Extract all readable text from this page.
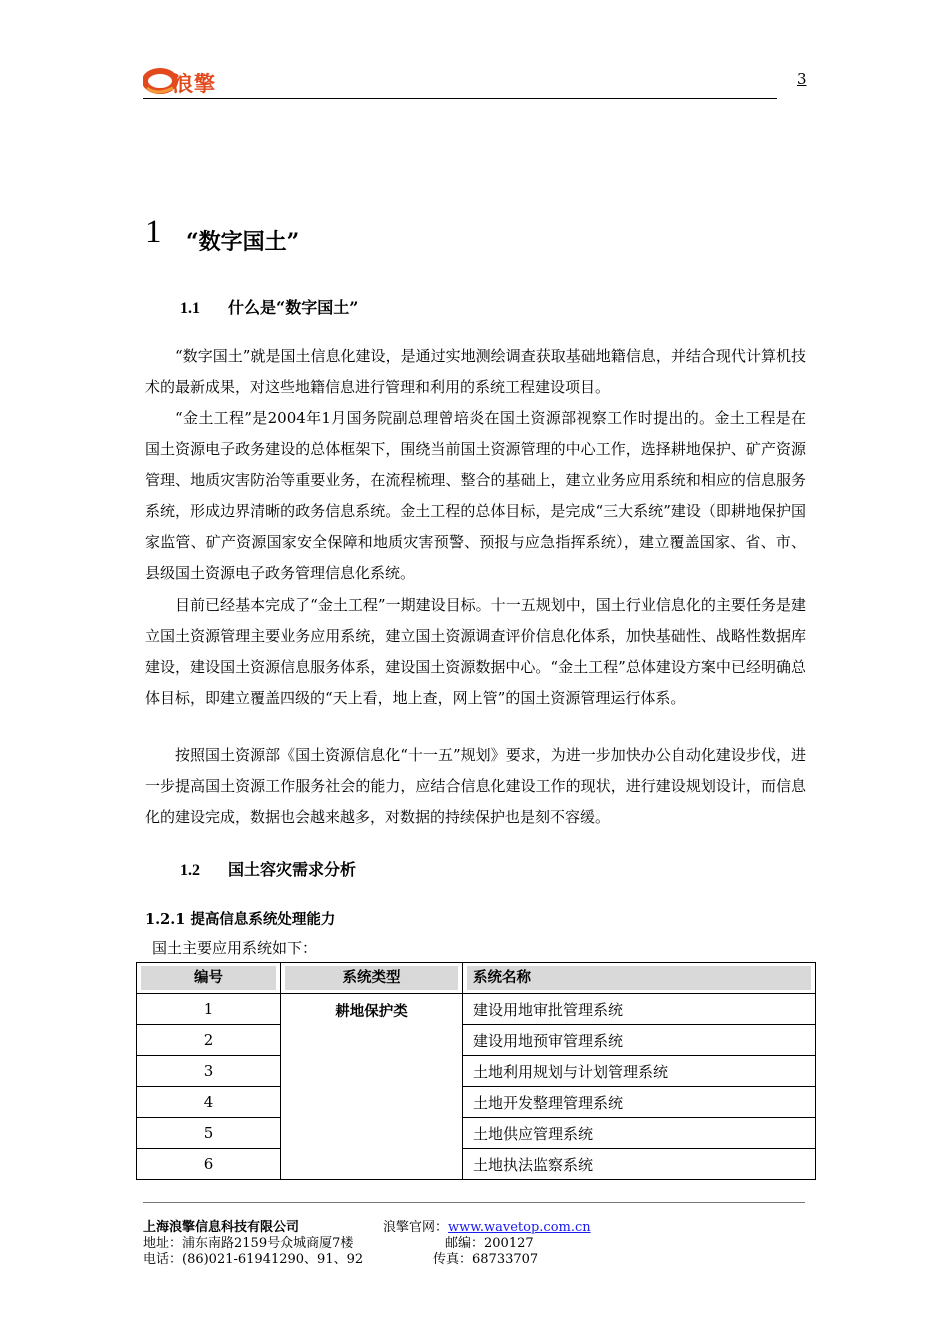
浪擎	3
1 “数字国土”
1.1 什么是“数字国土”

“数字国土”就是国土信息化建设，是通过实地测绘调查获取基础地籍信息，并结合现代计算机技术的最新成果，对这些地籍信息进行管理和利用的系统工程建设项目。

“金土工程”是2004年1月国务院副总理曾培炎在国土资源部视察工作时提出的。金土工程是在国土资源电子政务建设的总体框架下，围绕当前国土资源管理的中心工作，选择耕地保护、矿产资源管理、地质灾害防治等重要业务，在流程梳理、整合的基础上，建立业务应用系统和相应的信息服务系统，形成边界清晰的政务信息系统。金土工程的总体目标，是完成“三大系统”建设（即耕地保护国家监管、矿产资源国家安全保障和地质灾害预警、预报与应急指挥系统），建立覆盖国家、省、市、县级国土资源电子政务管理信息化系统。

目前已经基本完成了“金土工程”一期建设目标。十一五规划中，国土行业信息化的主要任务是建立国土资源管理主要业务应用系统，建立国土资源调查评价信息化体系，加快基础性、战略性数据库建设，建设国土资源信息服务体系，建设国土资源数据中心。“金土工程”总体建设方案中已经明确总体目标，即建立覆盖四级的“天上看，地上查，网上管”的国土资源管理运行体系。

按照国土资源部《国土资源信息化“十一五”规划》要求，为进一步加快办公自动化建设步伐，进一步提高国土资源工作服务社会的能力，应结合信息化建设工作的现状，进行建设规划设计，而信息化的建设完成，数据也会越来越多，对数据的持续保护也是刻不容缓。

1.2 国土容灾需求分析
1.2.1 提高信息系统处理能力
国土主要应用系统如下：
编号	系统类型	系统名称

1	耕地保护类	建设用地审批管理系统
2		建设用地预审管理系统
3		土地利用规划与计划管理系统
4		土地开发整理管理系统
5		土地供应管理系统
6		土地执法监察系统
上海浪擎信息科技有限公司	浪擎官网：www.wavetop.com.cn
地址：浦东南路2159号众城商厦7楼	邮编：200127
电话：(86)021-61941290、91、92	传真：68733707
